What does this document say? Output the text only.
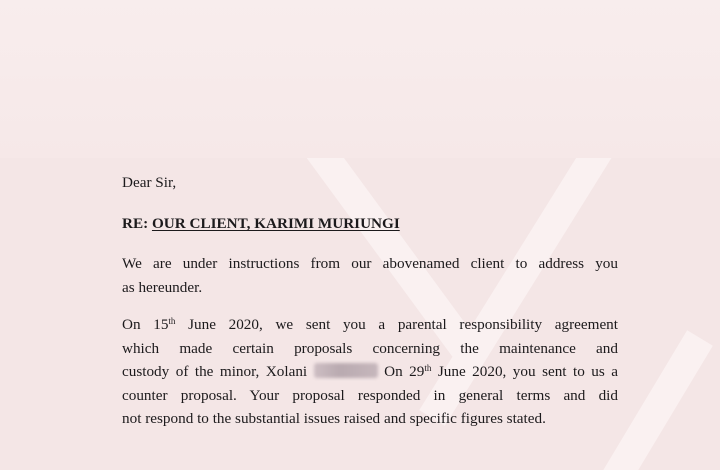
Dear Sir,
RE: OUR CLIENT, KARIMI MURIUNGI

We are under instructions from our abovenamed client to address you
as hereunder.

On 15th June 2020, we sent you a parental responsibility agreement
which made certain proposals concerning the maintenance and
custody of the minor, Xolani	On 29th June 2020, you sent to us a
counter proposal. Your proposal responded in general terms and did
not respond to the substantial issues raised and specific figures stated.
